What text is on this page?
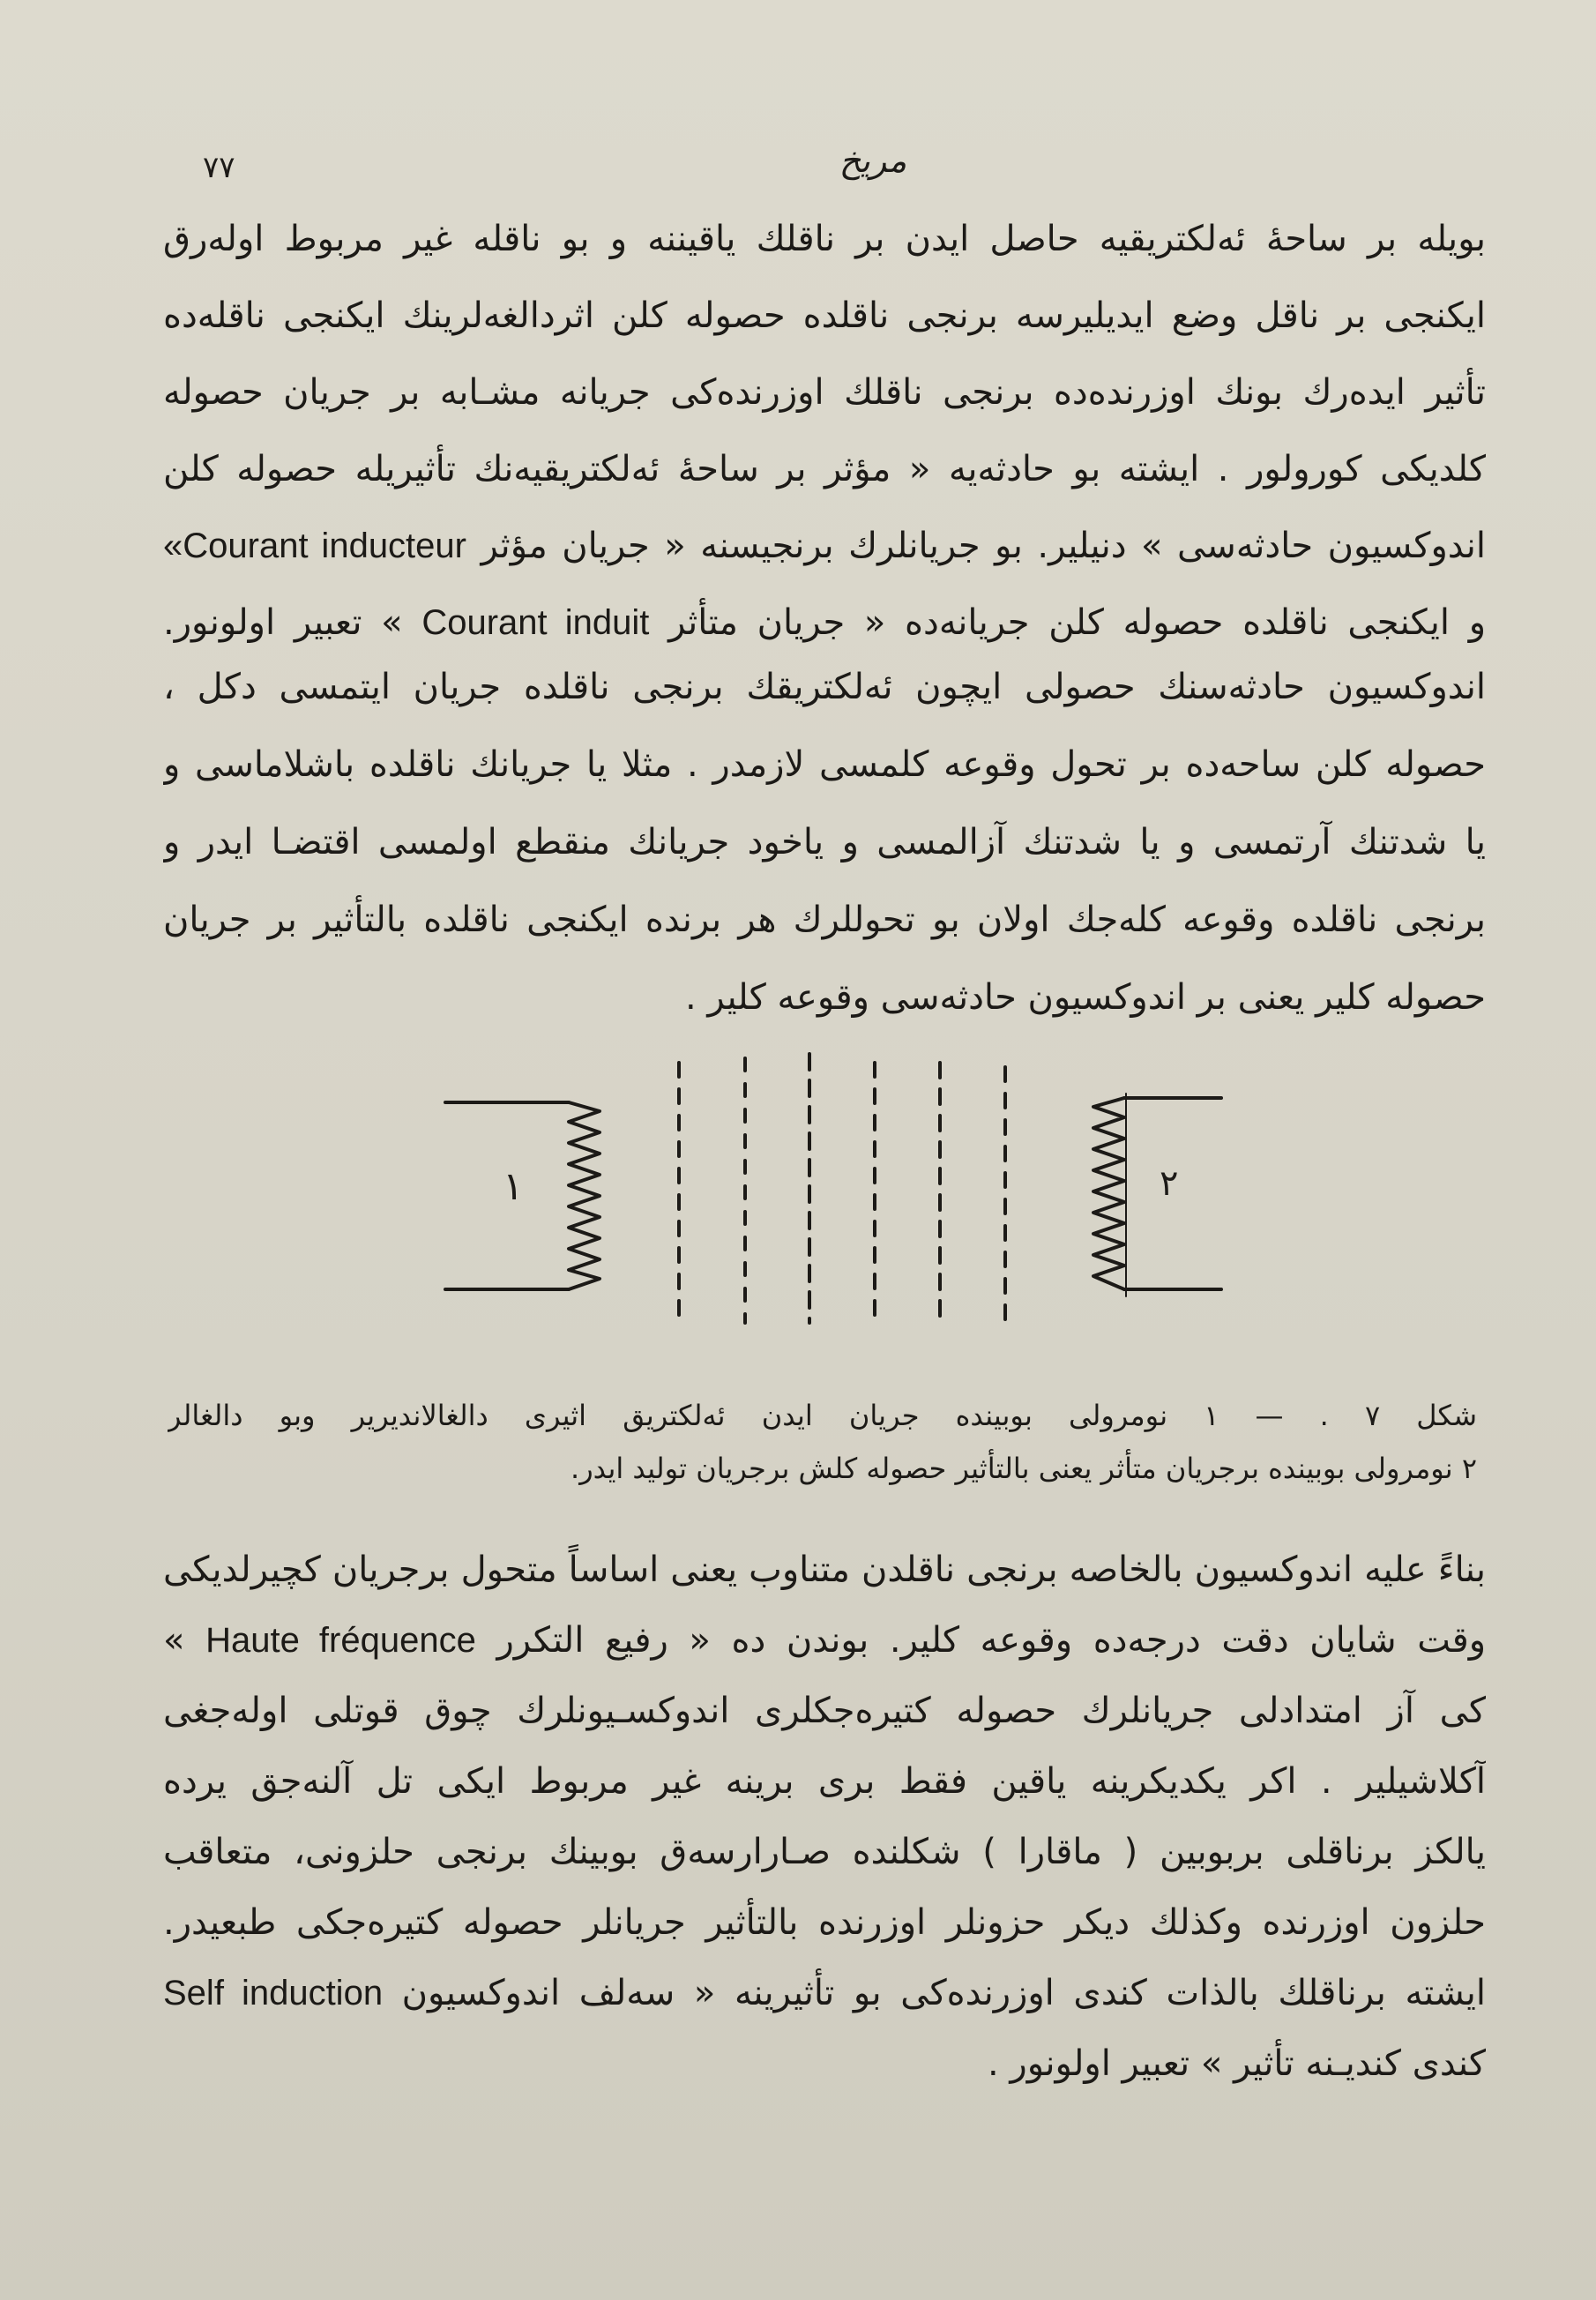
٧٧	مريخ
بويله بر ساحهٔ ئەلكتريقيه حاصل ايدن بر ناقلك ياقيننه و بو ناقله غير مربوط اولەرق
ايكنجى بر ناقل وضع ايديليرسه برنجى ناقلده حصوله كلن اثردالغەلرينك ايكنجى ناقلەدە
تأثير ايدەرك بونك اوزرندەدە برنجى ناقلك اوزرندەكى جريانه مشـابه بر جريان حصوله
كلديكى كورولور . ايشته بو حادثەيه « مؤثر بر ساحهٔ ئەلكتريقيەنك تأثيريله حصوله كلن
اندوكسيون حادثەسى » دنيلير. بو جريانلرك برنجيسنه « جريان مؤثر «Courant inducteur
و ايكنجى ناقلده حصوله كلن جريانەدە « جريان متأثر Courant induit » تعبير اولونور.
اندوكسيون حادثەسنك حصولى ايچون ئەلكتريقك برنجى ناقلده جريان ايتمسى دكل ،
حصوله كلن ساحەدە بر تحول وقوعه كلمسى لازمدر . مثلا يا جريانك ناقلده باشلاماسى و
يا شدتنك آرتمسى و يا شدتنك آزالمسى و ياخود جريانك منقطع اولمسى اقتضـا ايدر و
برنجى ناقلده وقوعه كلەجك اولان بو تحوللرك هر برنده ايكنجى ناقلده بالتأثير بر جريان
حصوله كلير يعنى بر اندوكسيون حادثەسى وقوعه كلير .
١	٢
شكل ٧ . — ١ نومرولى بوبينده جريان ايدن ئەلكتريق اثيرى دالغالانديرير وبو دالغالر
٢ نومرولى بوبينده برجريان متأثر يعنى بالتأثير حصوله كلش برجريان توليد ايدر.
بناءً عليه اندوكسيون بالخاصه برنجى ناقلدن متناوب يعنى اساساً متحول برجريان كچيرلديكى
وقت شايان دقت درجەدە وقوعه كلير. بوندن دە « رفيع التكرر Haute fréquence »
كى آز امتدادلى جريانلرك حصوله كتيرەجكلرى اندوكسـيونلرك چوق قوتلى اولەجغى
آكلاشيلير . اكر يكديكرينه ياقين فقط برى برينه غير مربوط ايكى تل آلنەجق يردە
يالكز برناقلى بربوبين ( ماقارا ) شكلنده صـارارسەق بوبينك برنجى حلزونى، متعاقب
حلزون اوزرندە وكذلك ديكر حزونلر اوزرندە بالتأثير جريانلر حصوله كتيرەجكى طبعيدر.
ايشته برناقلك بالذات كندى اوزرندەكى بو تأثيرينه « سەلف اندوكسيون Self induction
كندى كنديـنه تأثير » تعبير اولونور .
